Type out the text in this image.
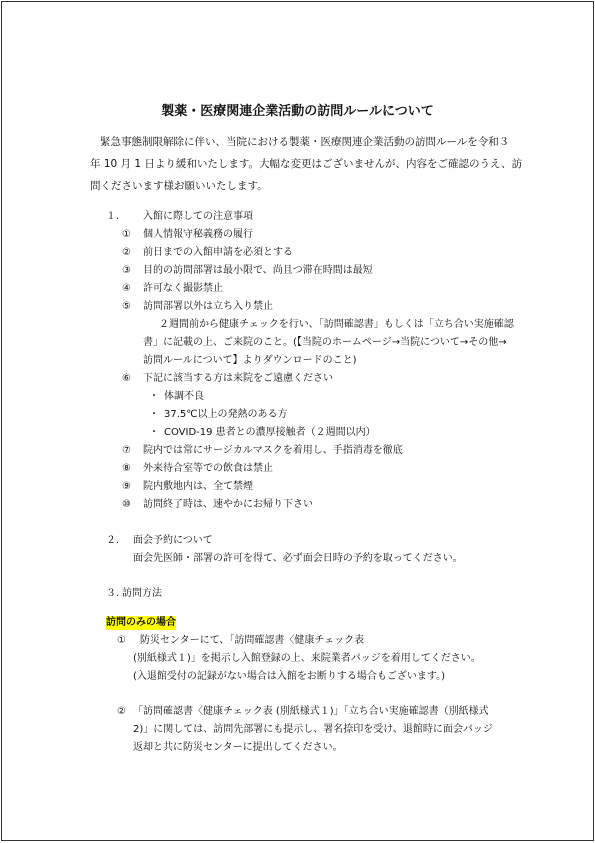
製薬・医療関連企業活動の訪問ルールについて
緊急事態制限解除に伴い、当院における製薬・医療関連企業活動の訪問ルールを令和３
年 10 月 1 日より緩和いたします。大幅な変更はございませんが、内容をご確認のうえ、訪
問くださいます様お願いいたします。
１. 入館に際しての注意事項
① 個人情報守秘義務の履行
② 前日までの入館申請を必須とする
③ 目的の訪問部署は最小限で、尚且つ滞在時間は最短
④ 許可なく撮影禁止
⑤ 訪問部署以外は立ち入り禁止
２週間前から健康チェックを行い、「訪問確認書」もしくは「立ち合い実施確認
書」に記載の上、ご来院のこと。(【当院のホームページ→当院について→その他→
訪問ルールについて】よりダウンロードのこと)
⑥ 下記に該当する方は来院をご遠慮ください
・ 体調不良
・ 37.5℃以上の発熱のある方
・ COVID-19 患者との濃厚接触者（２週間以内）
⑦ 院内では常にサージカルマスクを着用し、手指消毒を徹底
⑧ 外来待合室等での飲食は禁止
⑨ 院内敷地内は、全て禁煙
⑩ 訪問終了時は、速やかにお帰り下さい
２. 面会予約について
面会先医師・部署の許可を得て、必ず面会日時の予約を取ってください。
３. 訪問方法
訪問のみの場合
① 防災センターにて、「訪問確認書〈健康チェック表
(別紙様式１)」を掲示し入館登録の上、来院業者パッジを着用してください。
(入退館受付の記録がない場合は入館をお断りする場合もございます。)
② 「訪問確認書〈健康チェック表 (別紙様式１)」「立ち合い実施確認書（別紙様式
2)」に関しては、訪問先部署にも提示し、署名捺印を受け、退館時に面会パッジ
返却と共に防災センターに提出してください。
